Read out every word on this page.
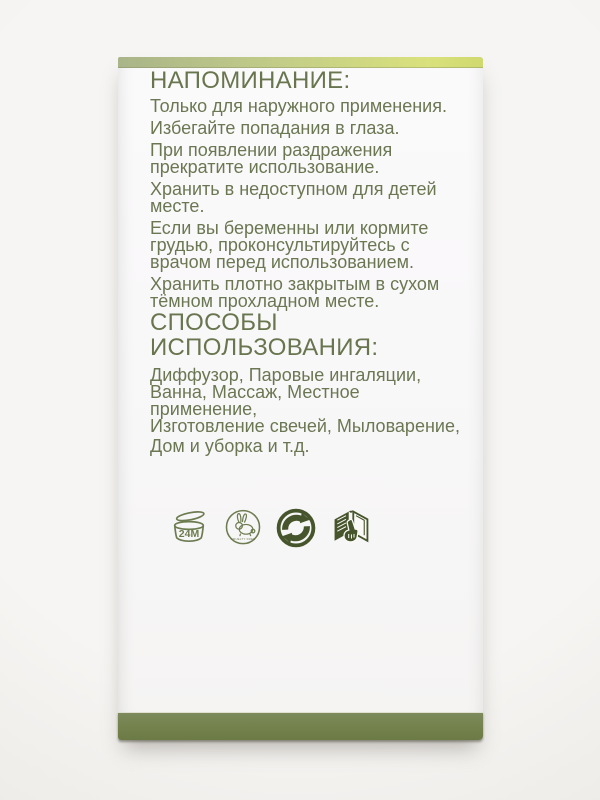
НАПОМИНАНИЕ:

Только для наружного применения.

Избегайте попадания в глаза.

При появлении раздражения
прекратите использование.

Хранить в недоступном для детей
месте.

Если вы беременны или кормите
грудью, проконсультируйтесь с
врачом перед использованием.

Хранить плотно закрытым в сухом
тёмном прохладном месте.

СПОСОБЫ
ИСПОЛЬЗОВАНИЯ:
Диффузор, Паровые ингаляции,
Ванна, Массаж, Местное применение,
Изготовление свечей, Мыловарение,
Дом и уборка и т.д.
24M	CRUELTY FREE
